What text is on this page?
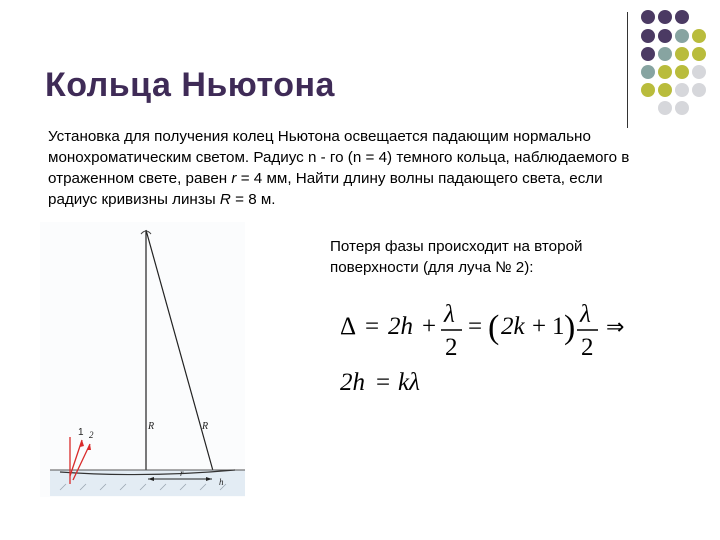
Кольца Ньютона
Установка для получения колец Ньютона освещается падающим нормально монохроматическим светом. Радиус n - го (n = 4) темного кольца, наблюдаемого в отраженном свете, равен r = 4 мм, Найти длину волны падающего света, если радиус кривизны линзы R = 8 м.
1 2
R	R
r
h
Потеря фазы происходит на второй поверхности (для луча № 2):
Δ = 2h + λ
2
= ( 2k + 1 ) λ
2
⇒
2h = kλ
